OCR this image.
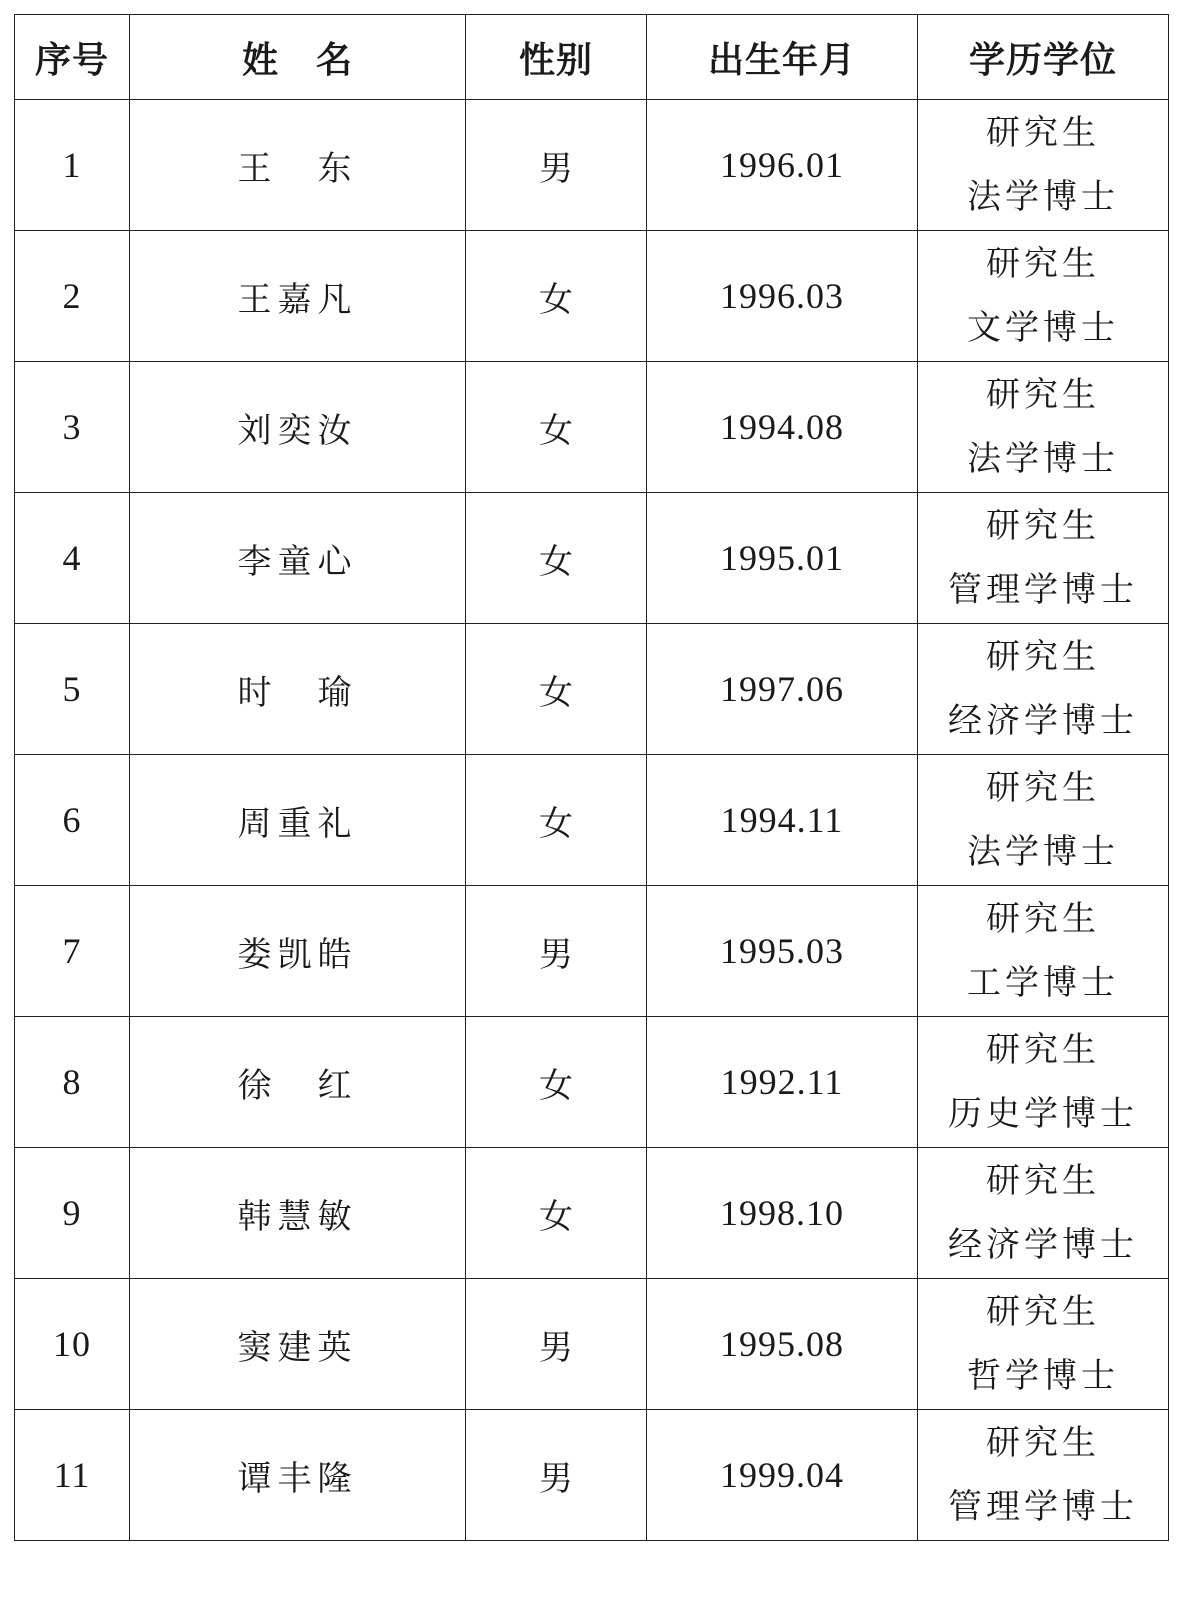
序号	姓　名	性别	出生年月	学历学位
1	王　东	男	1996.01	研究生
法学博士

2	王嘉凡	女	1996.03	研究生
文学博士

3	刘奕汝	女	1994.08	研究生
法学博士

4	李童心	女	1995.01	研究生
管理学博士

5	时　瑜	女	1997.06	研究生
经济学博士

6	周重礼	女	1994.11	研究生
法学博士

7	娄凯皓	男	1995.03	研究生
工学博士

8	徐　红	女	1992.11	研究生
历史学博士

9	韩慧敏	女	1998.10	研究生
经济学博士

10	窦建英	男	1995.08	研究生
哲学博士

11	谭丰隆	男	1999.04	研究生
管理学博士
